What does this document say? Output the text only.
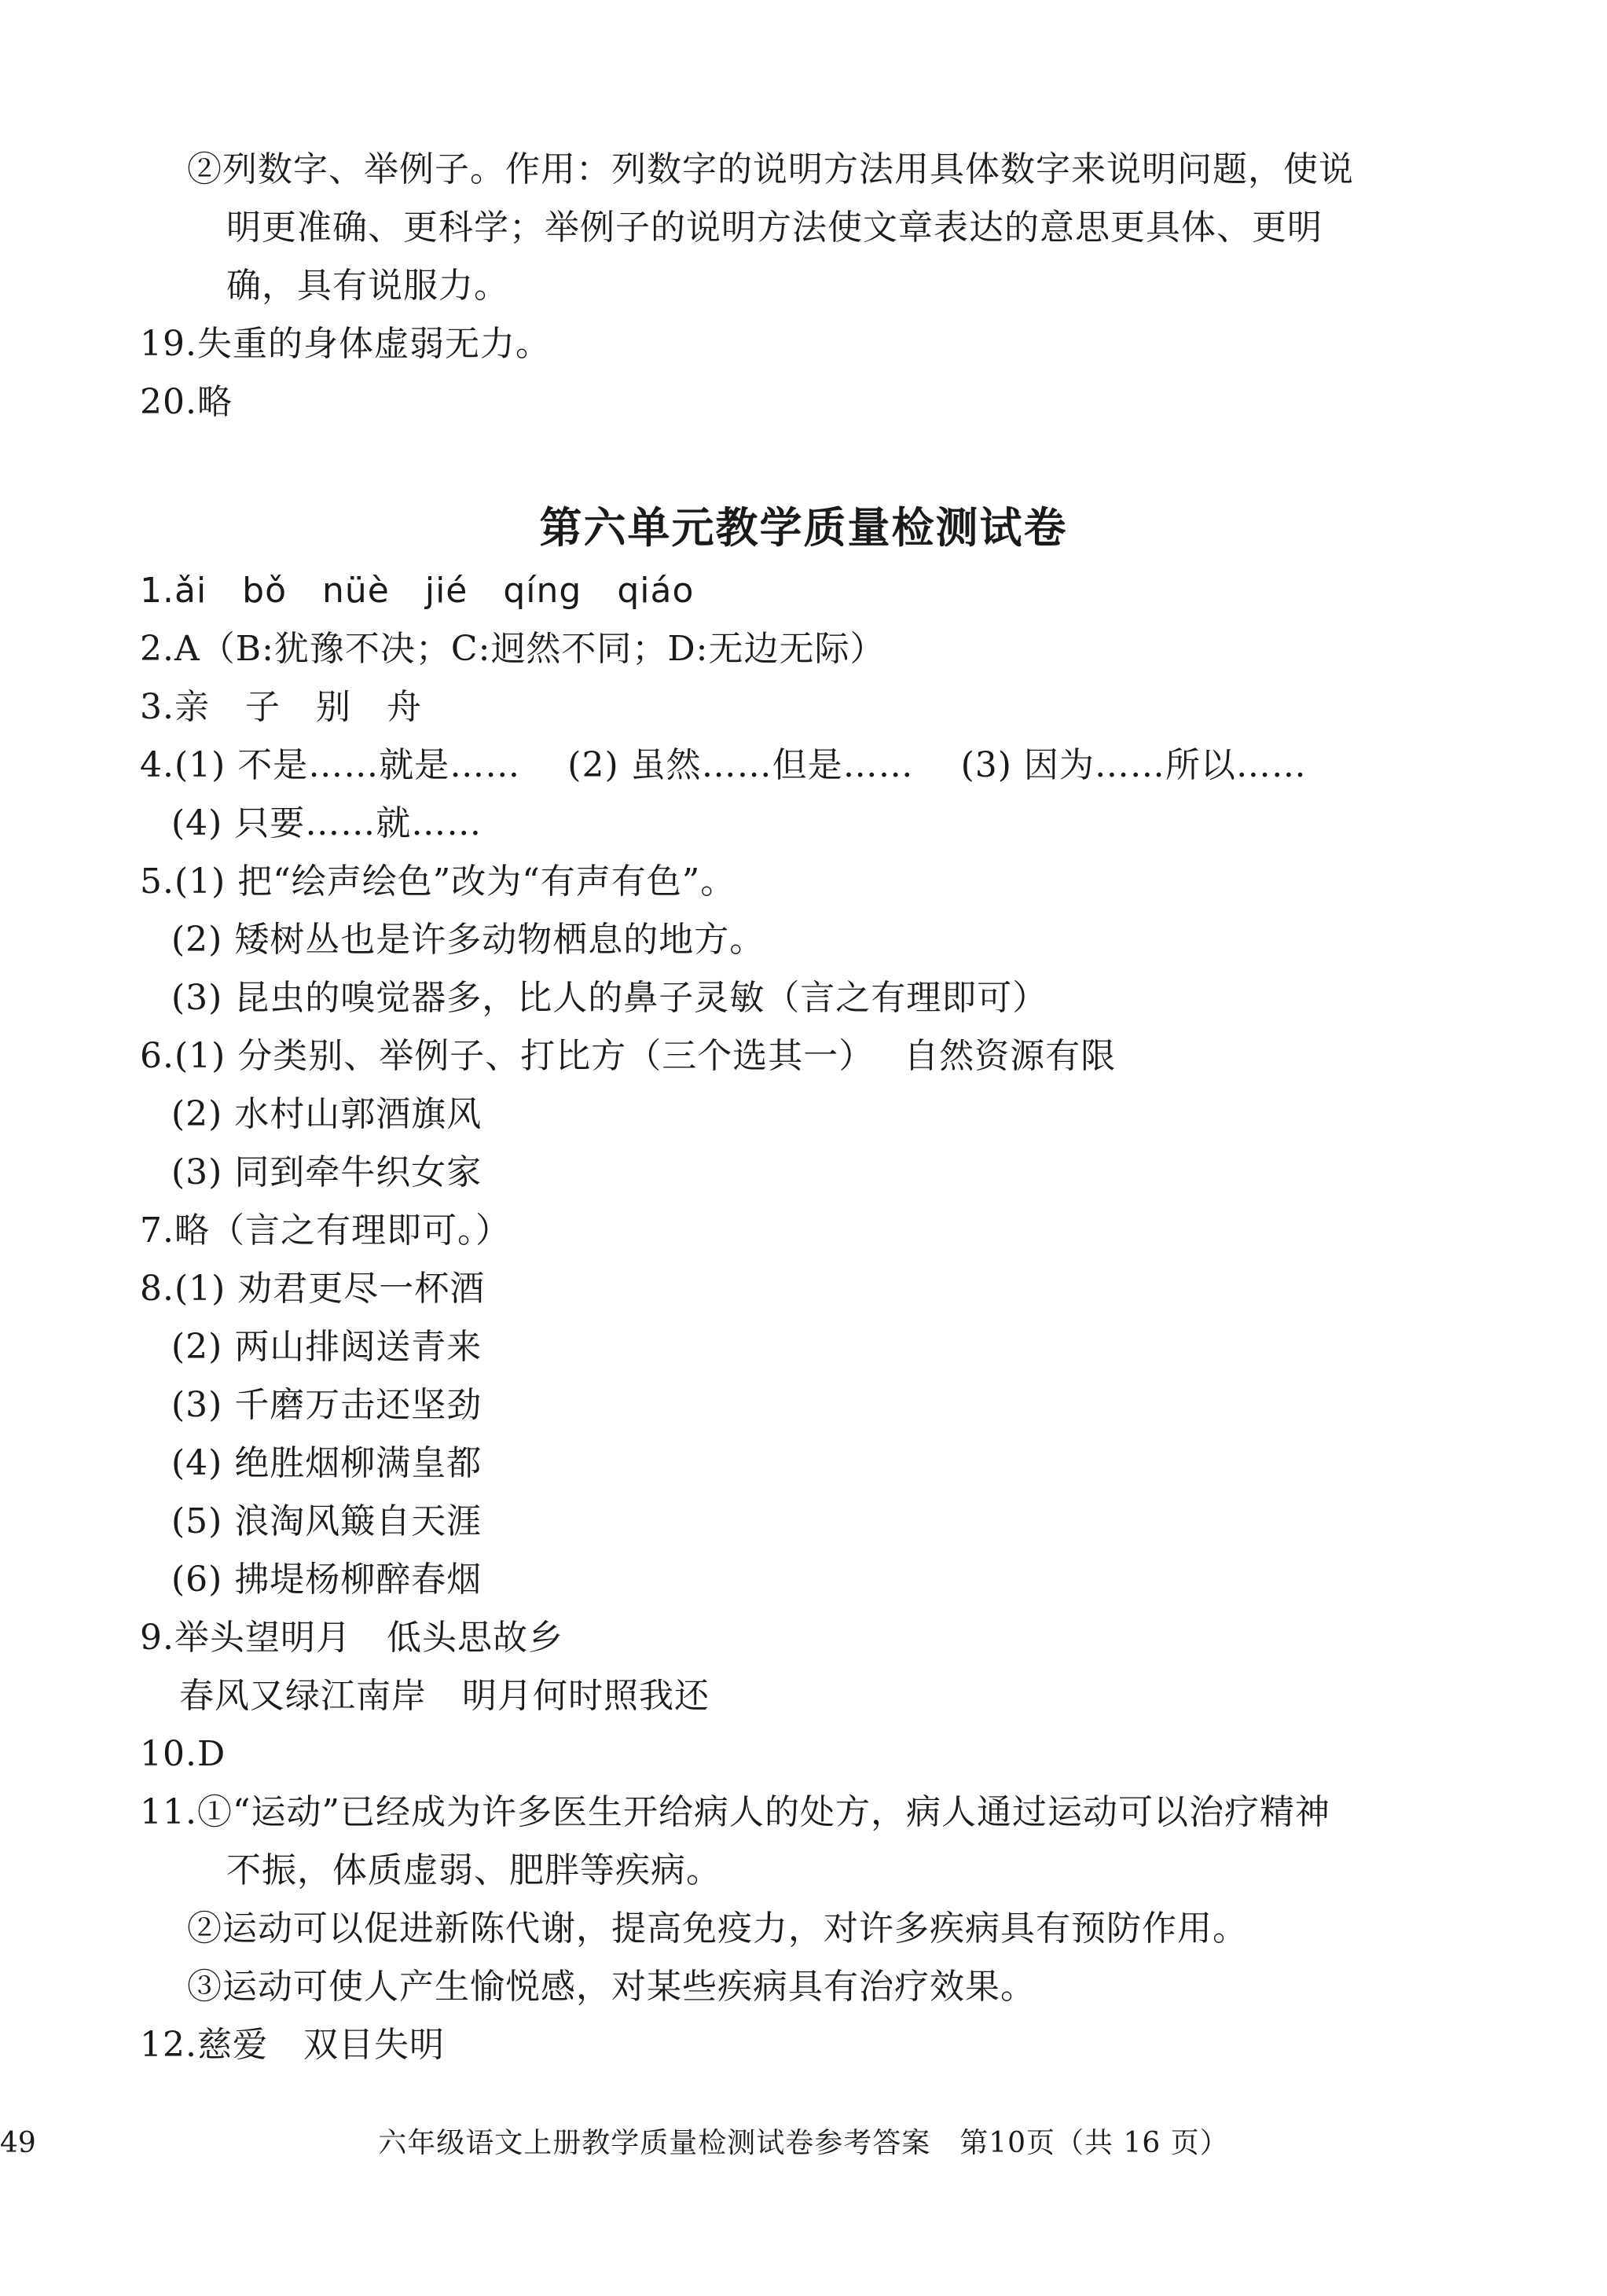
②列数字、举例子。作用：列数字的说明方法用具体数字来说明问题，使说
明更准确、更科学；举例子的说明方法使文章表达的意思更具体、更明
确，具有说服力。
19.失重的身体虚弱无力。
20.略
第六单元教学质量检测试卷
1.ǎi　bǒ　nüè　jié　qíng　qiáo
2.A（B:犹豫不决；C:迥然不同；D:无边无际）
3.亲　子　别　舟
4.(1) 不是……就是……　 (2) 虽然……但是……　 (3) 因为……所以……
(4) 只要……就……
5.(1) 把“绘声绘色”改为“有声有色”。
(2) 矮树丛也是许多动物栖息的地方。
(3) 昆虫的嗅觉器多，比人的鼻子灵敏（言之有理即可）
6.(1) 分类别、举例子、打比方（三个选其一）　 自然资源有限
(2) 水村山郭酒旗风
(3) 同到牵牛织女家
7.略（言之有理即可。）
8.(1) 劝君更尽一杯酒
(2) 两山排闼送青来
(3) 千磨万击还坚劲
(4) 绝胜烟柳满皇都
(5) 浪淘风簸自天涯
(6) 拂堤杨柳醉春烟
9.举头望明月　低头思故乡
春风又绿江南岸　明月何时照我还
10.D
11.①“运动”已经成为许多医生开给病人的处方，病人通过运动可以治疗精神
不振，体质虚弱、肥胖等疾病。
②运动可以促进新陈代谢，提高免疫力，对许多疾病具有预防作用。
③运动可使人产生愉悦感，对某些疾病具有治疗效果。
12.慈爱　双目失明
49	六年级语文上册教学质量检测试卷参考答案　第10页（共 16 页）
